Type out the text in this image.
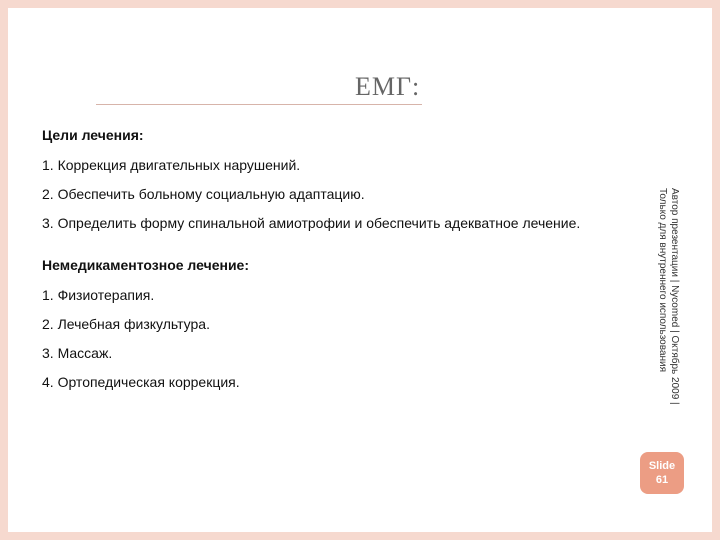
ЕМГ:

Цели лечения:

1. Коррекция двигательных нарушений.

2. Обеспечить больному социальную адаптацию.

3. Определить форму спинальной амиотрофии и обеспечить адекватное лечение.

Немедикаментозное лечение:

1. Физиотерапия.

2. Лечебная физкультура.

3. Массаж.

4. Ортопедическая коррекция.	Автор презентации | Nycomed | Октябрь 2009 | Только для внутреннего использования
Slide
61
